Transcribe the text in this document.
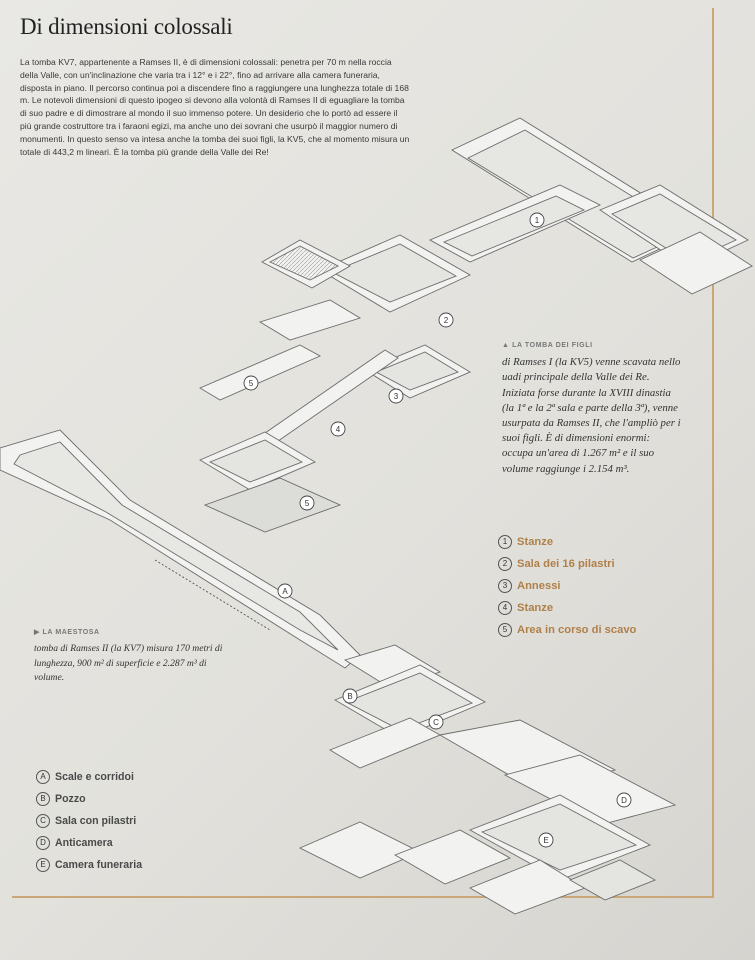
Di dimensioni colossali
La tomba KV7, appartenente a Ramses II, è di dimensioni colossali: penetra per 70 m nella roccia della Valle, con un'inclinazione che varia tra i 12° e i 22°, fino ad arrivare alla camera funeraria, disposta in piano. Il percorso continua poi a discendere fino a raggiungere una lunghezza totale di 168 m. Le notevoli dimensioni di questo ipogeo si devono alla volontà di Ramses II di eguagliare la tomba di suo padre e di dimostrare al mondo il suo immenso potere. Un desiderio che lo portò ad essere il più grande costruttore tra i faraoni egizi, ma anche uno dei sovrani che usurpò il maggior numero di monumenti. In questo senso va intesa anche la tomba dei suoi figli, la KV5, che al momento misura un totale di 443,2 m lineari. È la tomba più grande della Valle dei Re!
1
2
3
5
4
5
A
B
C
D
E
▲ LA TOMBA DEI FIGLI
di Ramses I (la KV5) venne scavata nello uadi principale della Valle dei Re. Iniziata forse durante la XVIII dinastia (la 1ª e la 2ª sala e parte della 3ª), venne usurpata da Ramses II, che l'ampliò per i suoi figli. È di dimensioni enormi: occupa un'area di 1.267 m² e il suo volume raggiunge i 2.154 m³.
1 Stanze
2 Sala dei 16 pilastri
3 Annessi
4 Stanze
5 Area in corso di scavo
▶ LA MAESTOSA
tomba di Ramses II (la KV7) misura 170 metri di lunghezza, 900 m² di superficie e 2.287 m³ di volume.
A Scale e corridoi
B Pozzo
C Sala con pilastri
D Anticamera
E Camera funeraria
